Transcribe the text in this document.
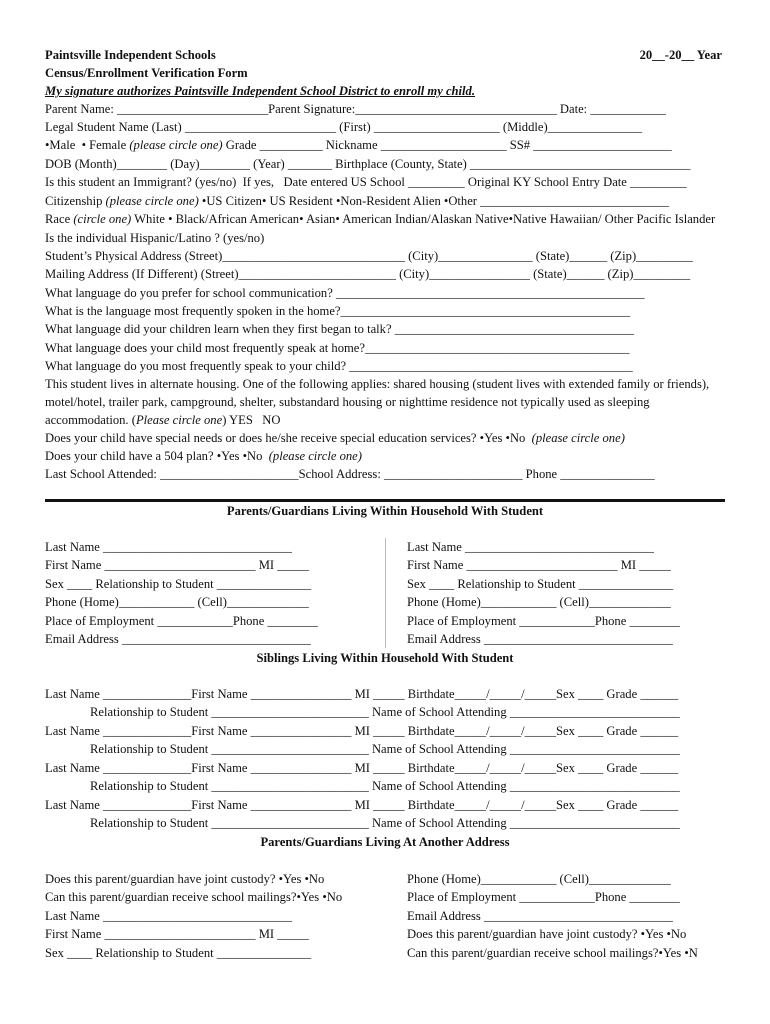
Paintsville Independent Schools	20__-20__ Year
Census/Enrollment Verification Form
My signature authorizes Paintsville Independent School District to enroll my child.
Parent Name: ________________________Parent Signature:________________________________ Date: ____________
Legal Student Name (Last) ________________________ (First) ____________________ (Middle)_______________
•Male  • Female (please circle one) Grade __________ Nickname ____________________ SS# ______________________
DOB (Month)________ (Day)________ (Year) _______ Birthplace (County, State) ___________________________________
Is this student an Immigrant? (yes/no)  If yes,   Date entered US School _________ Original KY School Entry Date _________
Citizenship (please circle one) •US Citizen• US Resident •Non-Resident Alien •Other ______________________________
Race (circle one) White • Black/African American• Asian• American Indian/Alaskan Native•Native Hawaiian/ Other Pacific Islander
Is the individual Hispanic/Latino ? (yes/no)
Student’s Physical Address (Street)_____________________________ (City)_______________ (State)______ (Zip)_________
Mailing Address (If Different) (Street)_________________________ (City)________________ (State)______ (Zip)_________
What language do you prefer for school communication? _________________________________________________
What is the language most frequently spoken in the home?______________________________________________
What language did your children learn when they first began to talk? ______________________________________
What language does your child most frequently speak at home?__________________________________________
What language do you most frequently speak to your child? _____________________________________________
This student lives in alternate housing. One of the following applies: shared housing (student lives with extended family or friends),
motel/hotel, trailer park, campground, shelter, substandard housing or nighttime residence not typically used as sleeping
accommodation. (Please circle one) YES   NO
Does your child have special needs or does he/she receive special education services? •Yes •No  (please circle one)
Does your child have a 504 plan? •Yes •No  (please circle one)
Last School Attended: ______________________School Address: ______________________ Phone _______________
Parents/Guardians Living Within Household With Student
Last Name ______________________________
First Name ________________________ MI _____
Sex ____ Relationship to Student _______________
Phone (Home)____________ (Cell)_____________
Place of Employment ____________Phone ________
Email Address ______________________________
Last Name ______________________________
First Name ________________________ MI _____
Sex ____ Relationship to Student _______________
Phone (Home)____________ (Cell)_____________
Place of Employment ____________Phone ________
Email Address ______________________________
Siblings Living Within Household With Student
Last Name ______________First Name ________________ MI _____ Birthdate_____/_____/_____Sex ____ Grade ______
Relationship to Student _________________________ Name of School Attending ___________________________
Last Name ______________First Name ________________ MI _____ Birthdate_____/_____/_____Sex ____ Grade ______
Relationship to Student _________________________ Name of School Attending ___________________________
Last Name ______________First Name ________________ MI _____ Birthdate_____/_____/_____Sex ____ Grade ______
Relationship to Student _________________________ Name of School Attending ___________________________
Last Name ______________First Name ________________ MI _____ Birthdate_____/_____/_____Sex ____ Grade ______
Relationship to Student _________________________ Name of School Attending ___________________________
Parents/Guardians Living At Another Address
Does this parent/guardian have joint custody? •Yes •No
Can this parent/guardian receive school mailings?•Yes •No
Last Name ______________________________
First Name ________________________ MI _____
Sex ____ Relationship to Student _______________
Phone (Home)____________ (Cell)_____________
Place of Employment ____________Phone ________
Email Address ______________________________
Does this parent/guardian have joint custody? •Yes •No
Can this parent/guardian receive school mailings?•Yes •N
